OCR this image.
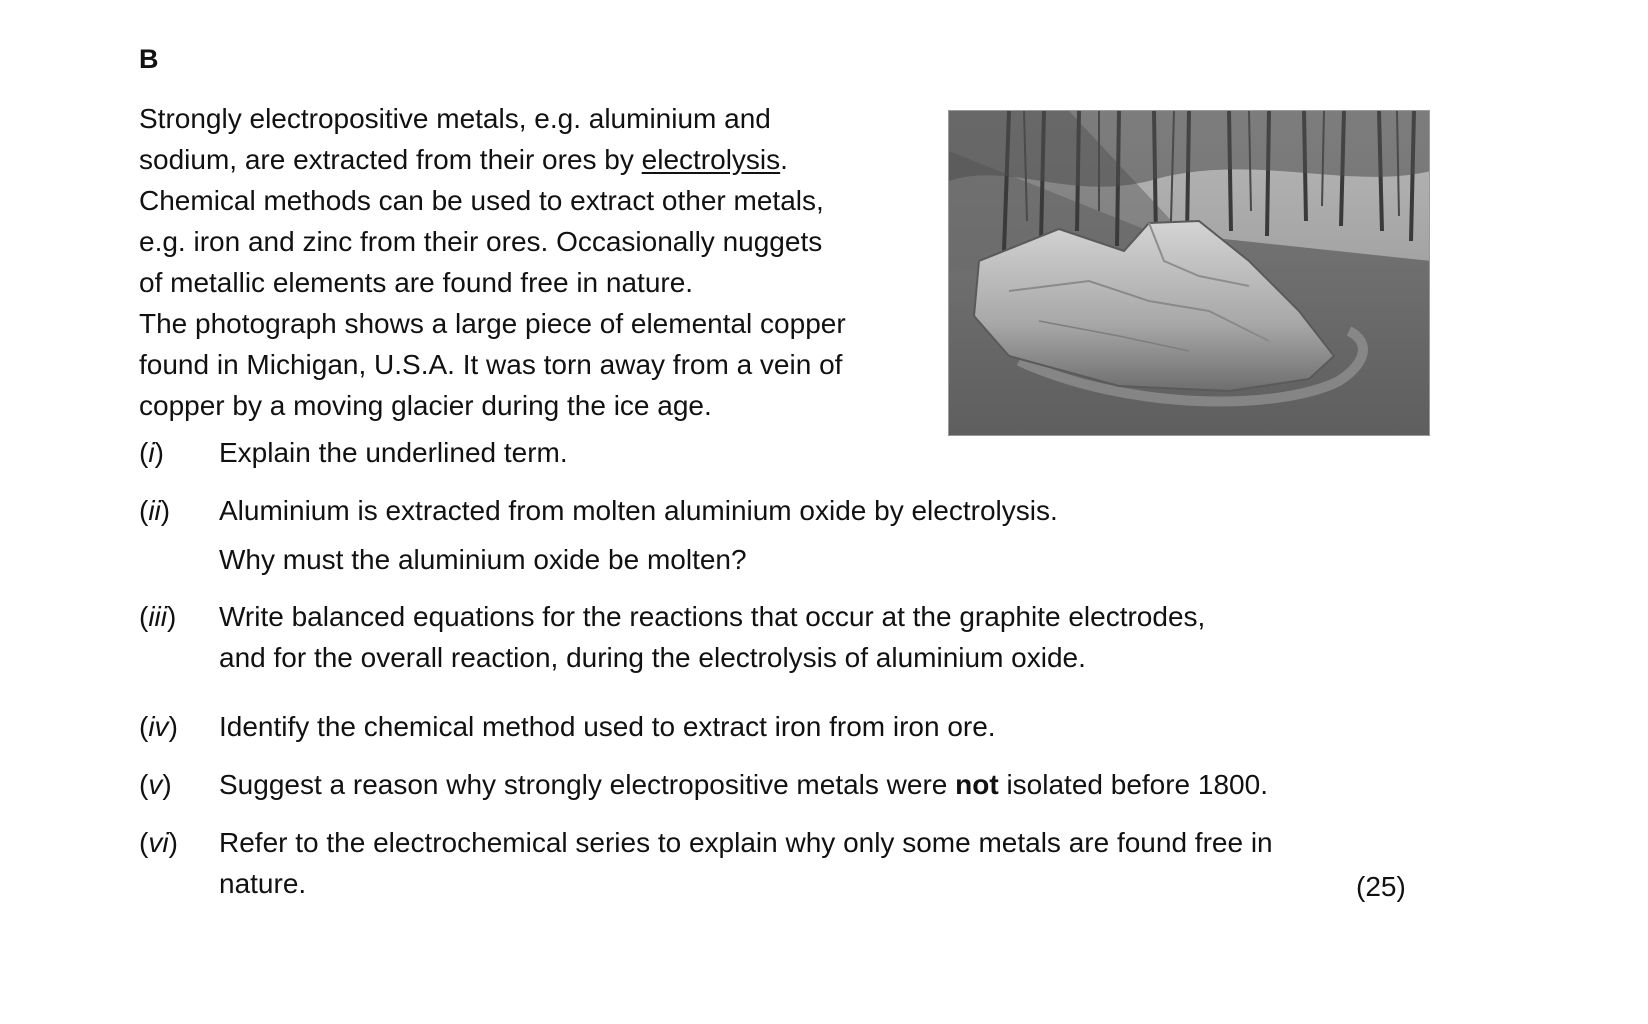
B
Strongly electropositive metals, e.g. aluminium and
sodium, are extracted from their ores by electrolysis.
Chemical methods can be used to extract other metals,
e.g. iron and zinc from their ores. Occasionally nuggets
of metallic elements are found free in nature.
The photograph shows a large piece of elemental copper
found in Michigan, U.S.A. It was torn away from a vein of
copper by a moving glacier during the ice age.
(i) Explain the underlined term.
(ii) Aluminium is extracted from molten aluminium oxide by electrolysis.
Why must the aluminium oxide be molten?
(iii) Write balanced equations for the reactions that occur at the graphite electrodes,
and for the overall reaction, during the electrolysis of aluminium oxide.
(iv) Identify the chemical method used to extract iron from iron ore.
(v) Suggest a reason why strongly electropositive metals were not isolated before 1800.
(vi) Refer to the electrochemical series to explain why only some metals are found free in
nature.	(25)
